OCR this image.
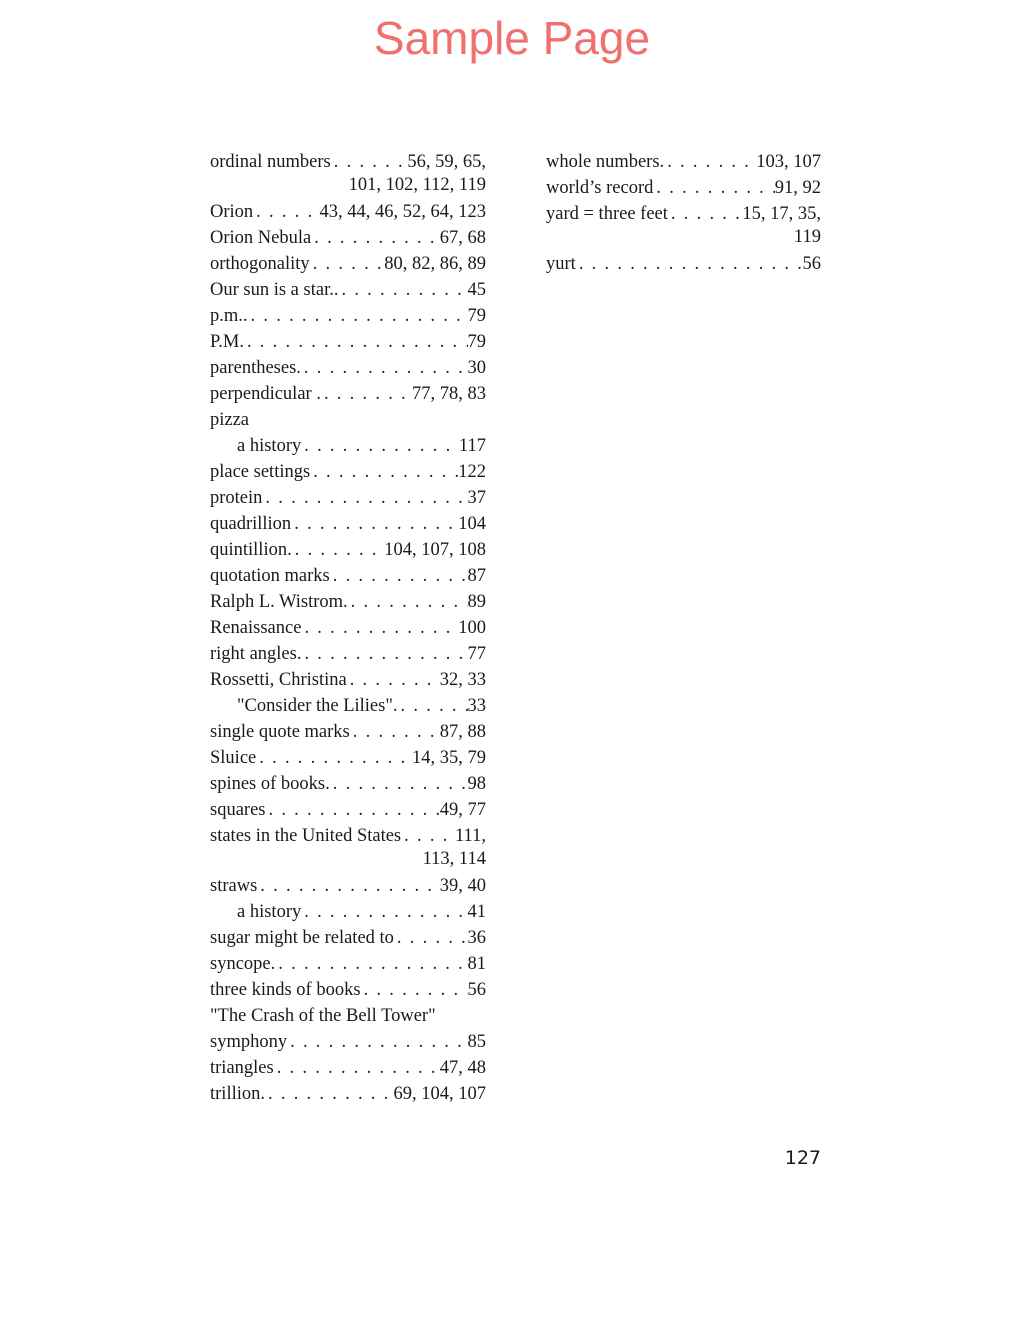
Sample Page
ordinal numbers . . .	56, 59, 65,
101, 102, 112, 119
Orion . . .	43, 44, 46, 52, 64, 123
Orion Nebula . . .	67, 68
orthogonality . . .	80, 82, 86, 89
Our sun is a star.. . . .	45
p.m.. . . .	79
P.M. . . .	79
parentheses. . . .	30
perpendicular . . . .	77, 78, 83
pizza
a history . . .	117
place settings . . .	122
protein . . .	37
quadrillion . . .	104
quintillion. . . .	104, 107, 108
quotation marks . . .	87
Ralph L. Wistrom. . . .	89
Renaissance . . .	100
right angles. . . .	77
Rossetti, Christina . . .	32, 33
"Consider the Lilies". . . .	33
single quote marks . . .	87, 88
Sluice . . .	14, 35, 79
spines of books. . . .	98
squares . . .	49, 77
states in the United States . . .	111,
113, 114
straws . . .	39, 40
a history . . .	41
sugar might be related to . . .	36
syncope. . . .	81
three kinds of books . . .	56
"The Crash of the Bell Tower"
symphony . . .	85
triangles . . .	47, 48
trillion. . . .	69, 104, 107
whole numbers. . . .	103, 107
world’s record . . .	91, 92
yard = three feet . . .	15, 17, 35,
119
yurt . . .	56
127
